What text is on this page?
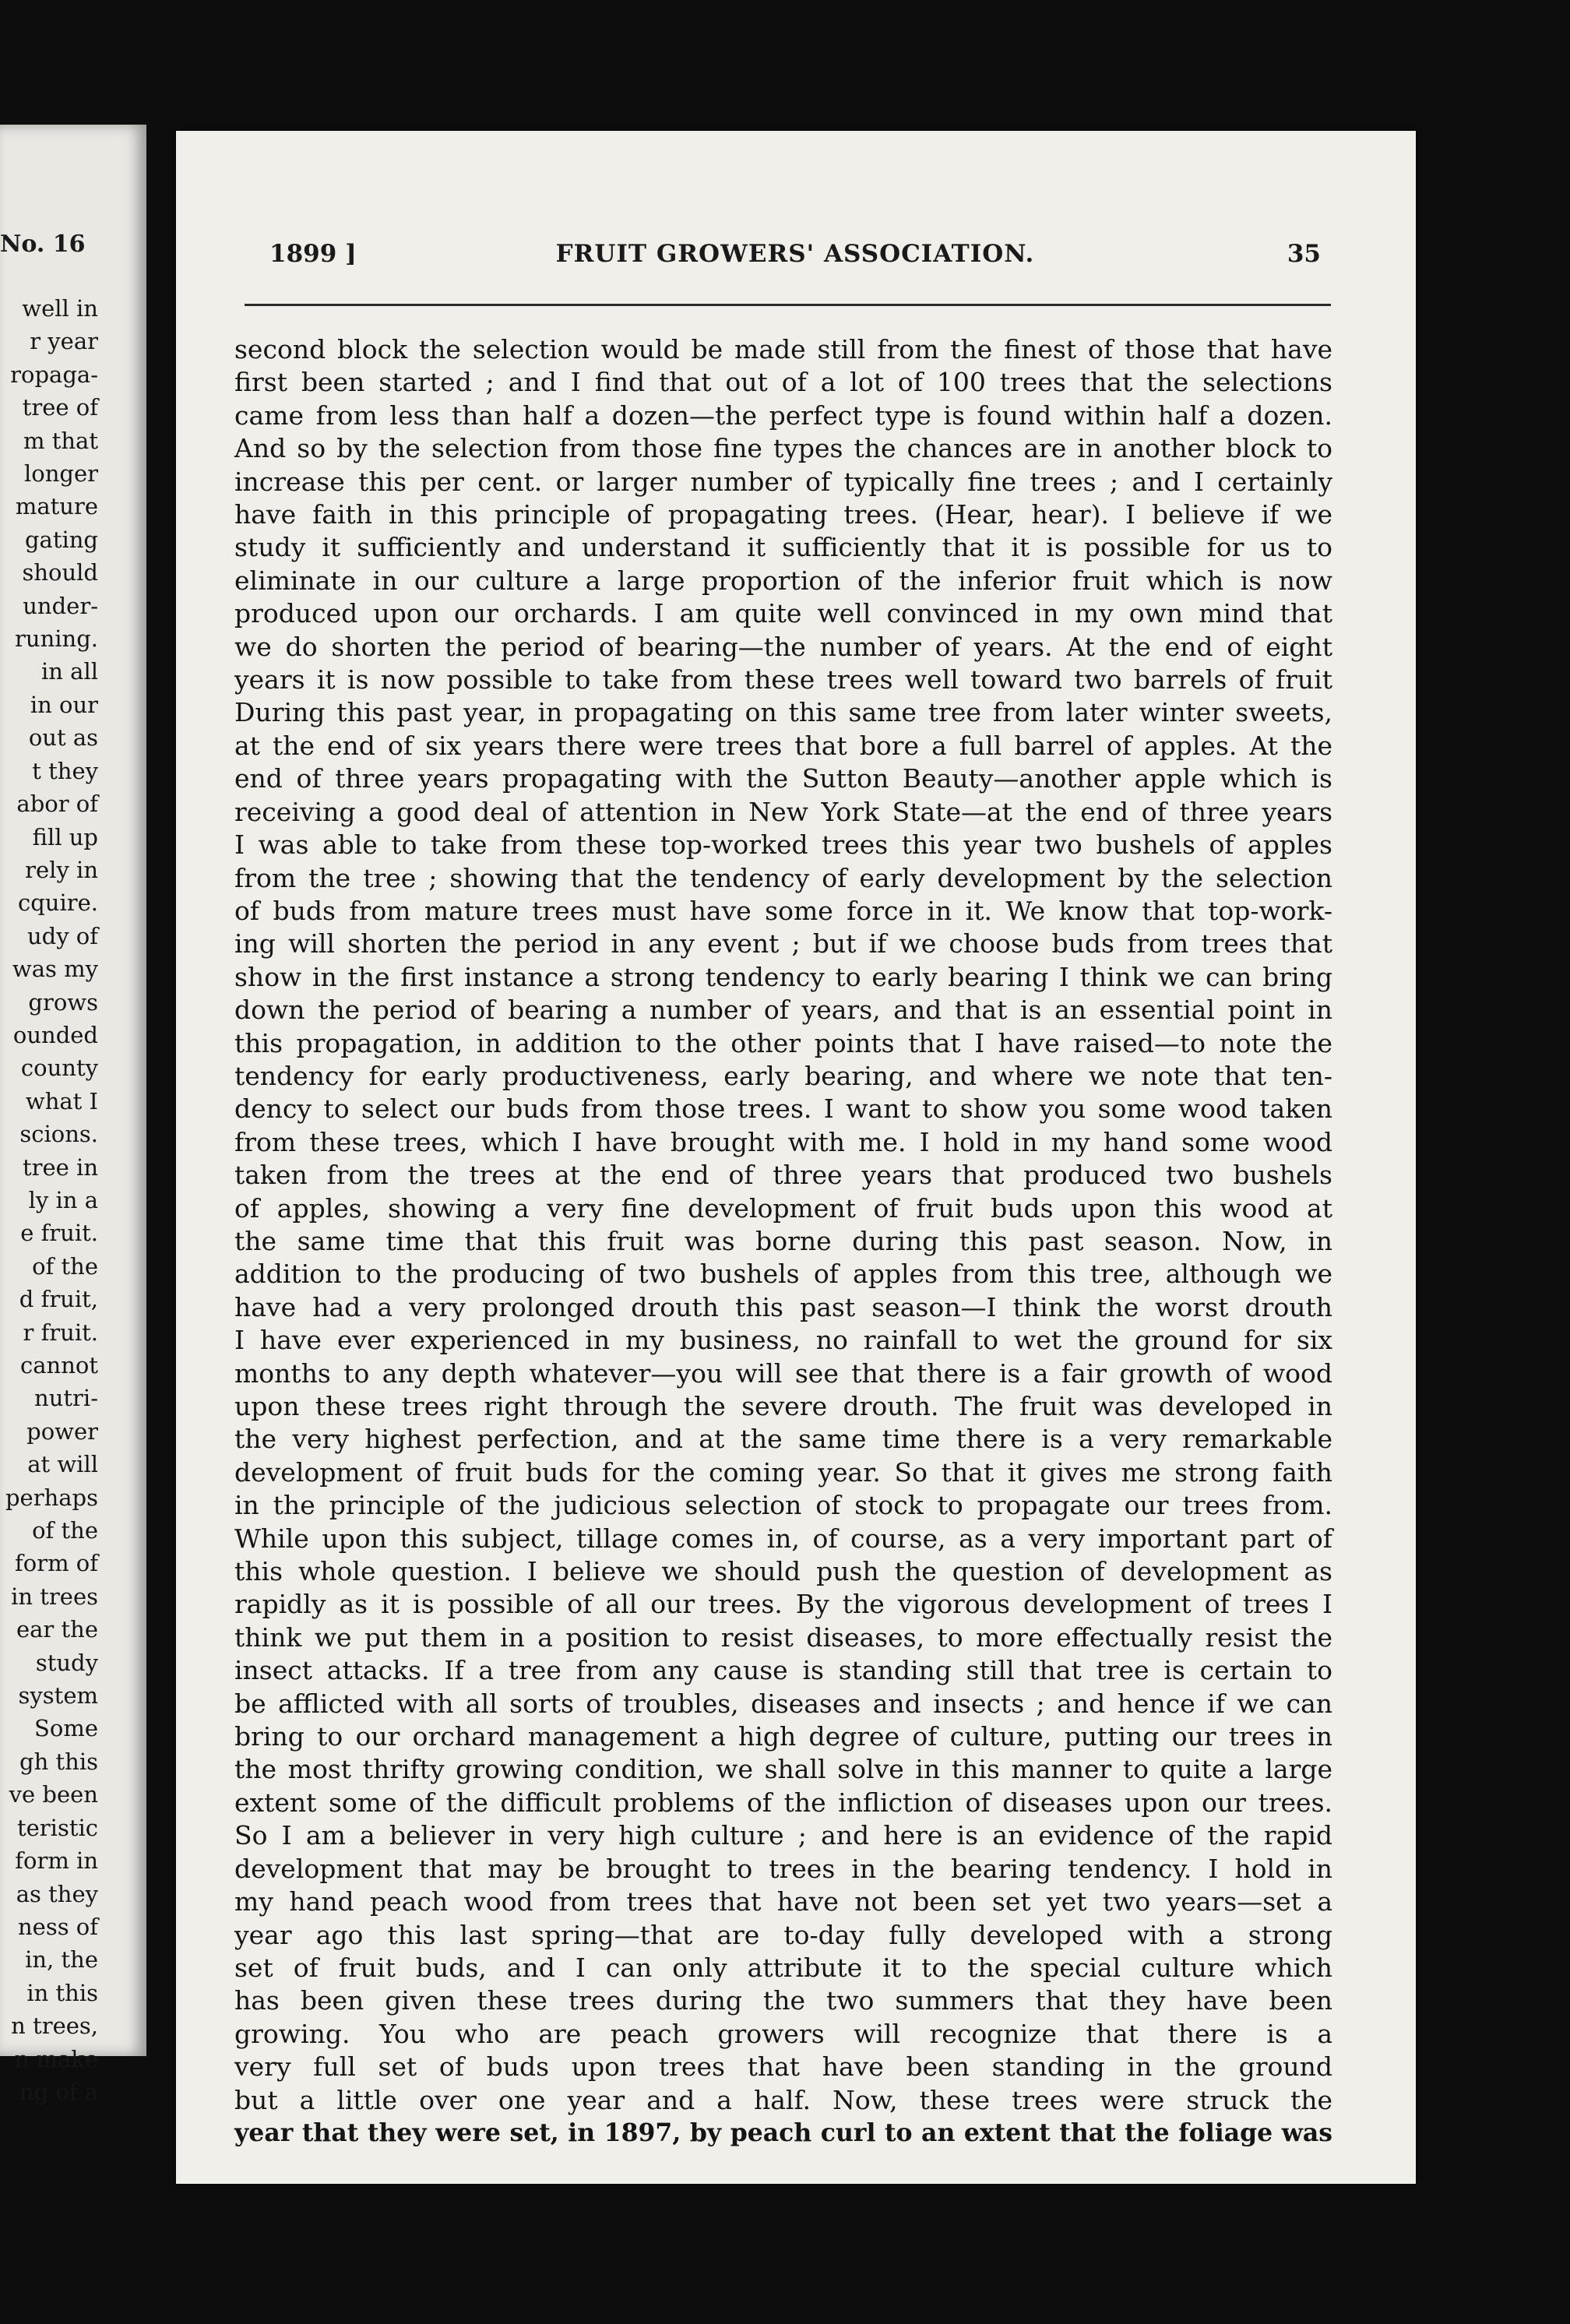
No. 16
well in
r year
ropaga-
tree of
m that
longer
mature
gating
should
under-
runing.
in all
in our
out as
t they
abor of
fill up
rely in
cquire.
udy of
was my
grows
ounded
county
what I
scions.
tree in
ly in a
e fruit.
of the
d fruit,
r fruit.
cannot
nutri-
power
at will
perhaps
of the
form of
in trees
ear the
study
system
Some
gh this
ve been
teristic
form in
as they
ness of
in, the
in this
n trees,
n make
ng of a
1899 ]	FRUIT GROWERS' ASSOCIATION.	35
second block the selection would be made still from the finest of those that have
first been started ; and I find that out of a lot of 100 trees that the selections
came from less than half a dozen—the perfect type is found within half a dozen.
And so by the selection from those fine types the chances are in another block to
increase this per cent. or larger number of typically fine trees ; and I certainly
have faith in this principle of propagating trees. (Hear, hear). I believe if we
study it sufficiently and understand it sufficiently that it is possible for us to
eliminate in our culture a large proportion of the inferior fruit which is now
produced upon our orchards. I am quite well convinced in my own mind that
we do shorten the period of bearing—the number of years. At the end of eight
years it is now possible to take from these trees well toward two barrels of fruit
During this past year, in propagating on this same tree from later winter sweets,
at the end of six years there were trees that bore a full barrel of apples. At the
end of three years propagating with the Sutton Beauty—another apple which is
receiving a good deal of attention in New York State—at the end of three years
I was able to take from these top-worked trees this year two bushels of apples
from the tree ; showing that the tendency of early development by the selection
of buds from mature trees must have some force in it. We know that top-work-
ing will shorten the period in any event ; but if we choose buds from trees that
show in the first instance a strong tendency to early bearing I think we can bring
down the period of bearing a number of years, and that is an essential point in
this propagation, in addition to the other points that I have raised—to note the
tendency for early productiveness, early bearing, and where we note that ten-
dency to select our buds from those trees. I want to show you some wood taken
from these trees, which I have brought with me. I hold in my hand some wood
taken from the trees at the end of three years that produced two bushels
of apples, showing a very fine development of fruit buds upon this wood at
the same time that this fruit was borne during this past season. Now, in
addition to the producing of two bushels of apples from this tree, although we
have had a very prolonged drouth this past season—I think the worst drouth
I have ever experienced in my business, no rainfall to wet the ground for six
months to any depth whatever—you will see that there is a fair growth of wood
upon these trees right through the severe drouth. The fruit was developed in
the very highest perfection, and at the same time there is a very remarkable
development of fruit buds for the coming year. So that it gives me strong faith
in the principle of the judicious selection of stock to propagate our trees from.
While upon this subject, tillage comes in, of course, as a very important part of
this whole question. I believe we should push the question of development as
rapidly as it is possible of all our trees. By the vigorous development of trees I
think we put them in a position to resist diseases, to more effectually resist the
insect attacks. If a tree from any cause is standing still that tree is certain to
be afflicted with all sorts of troubles, diseases and insects ; and hence if we can
bring to our orchard management a high degree of culture, putting our trees in
the most thrifty growing condition, we shall solve in this manner to quite a large
extent some of the difficult problems of the infliction of diseases upon our trees.
So I am a believer in very high culture ; and here is an evidence of the rapid
development that may be brought to trees in the bearing tendency. I hold in
my hand peach wood from trees that have not been set yet two years—set a
year ago this last spring—that are to-day fully developed with a strong
set of fruit buds, and I can only attribute it to the special culture which
has been given these trees during the two summers that they have been
growing. You who are peach growers will recognize that there is a
very full set of buds upon trees that have been standing in the ground
but a little over one year and a half. Now, these trees were struck the
year that they were set, in 1897, by peach curl to an extent that the foliage was
